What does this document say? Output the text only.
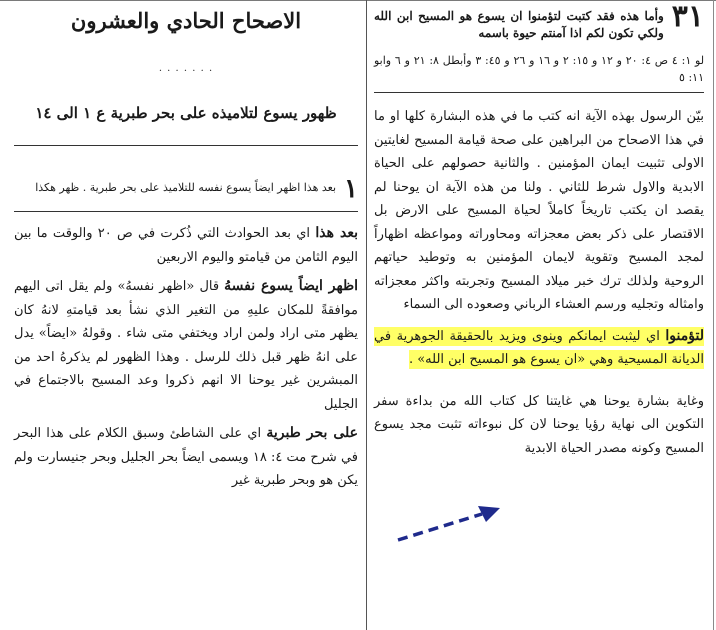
٣١
وأما هذه فقد كتبت لتؤمنوا ان يسوع هو المسيح ابن الله ولكي تكون لكم اذا آمنتم حيوة باسمه
لو ١: ٤ ص ٤: ٢٠ و ١٢ و ١٥: ٢ و ١٦ و ٢٦ و ٤٥: ٣ وأبطل ٨: ٢١ و ٦ وابو ١١: ٥

بيّن الرسول بهذه الآية انه كتب ما في هذه البشارة كلها او ما في هذا الاصحاح من البراهين على صحة قيامة المسيح لغايتين الاولى تثبيت ايمان المؤمنين . والثانية حصولهم على الحياة الابدية والاول شرط للثاني . ولنا من هذه الآية ان يوحنا لم يقصد ان يكتب تاريخاً كاملاً لحياة المسيح على الارض بل الاقتصار على ذكر بعض معجزاته ومحاوراته ومواعظه اظهاراً لمجد المسيح وتقوية لايمان المؤمنين به وتوطيد حياتهم الروحية ولذلك ترك خبر ميلاد المسيح وتجربته واكثر معجزاته وامثاله وتجليه ورسم العشاء الرباني وصعوده الى السماء

لتؤمنوا اي ليثبت ايمانكم وينوى ويزيد بالحقيقة الجوهرية في الديانة المسيحية وهي «ان يسوع هو المسيح ابن الله» .

وغاية بشارة يوحنا هي غايتنا كل كتاب الله من بداءة سفر التكوين الى نهاية رؤيا يوحنا لان كل نبوءاته تثبت مجد يسوع المسيح وكونه مصدر الحياة الابدية

الاصحاح الحادي والعشرون
· · · · · · ·
ظهور يسوع لتلاميذه على بحر طبرية ع ١ الى ١٤
١
بعد هذا اظهر ايضاً يسوع نفسه للتلاميذ على بحر طبرية . ظهر هكذا

بعد هذا اي بعد الحوادث التي ذُكرت في ص ٢٠ والوقت ما بين اليوم الثامن من قيامتو واليوم الاربعين

اظهر ايضاً يسوع نفسهُ قال «اظهر نفسهُ» ولم يقل اتى اليهم موافقةً للمكان عليهِ من التغير الذي نشأ بعد قيامتهِ لانهُ كان يظهر متى اراد ولمن اراد ويختفي متى شاء . وقولهُ «ايضاً» يدل على انهُ ظهر قبل ذلك للرسل . وهذا الظهور لم يذكرهُ احد من المبشرين غير يوحنا الا انهم ذكروا وعد المسيح بالاجتماع في الجليل

على بحر طبرية اي على الشاطئ وسبق الكلام على هذا البحر في شرح مت ٤: ١٨ ويسمى ايضاً بحر الجليل وبحر جنيسارت ولم يكن هو وبحر طبرية غير
